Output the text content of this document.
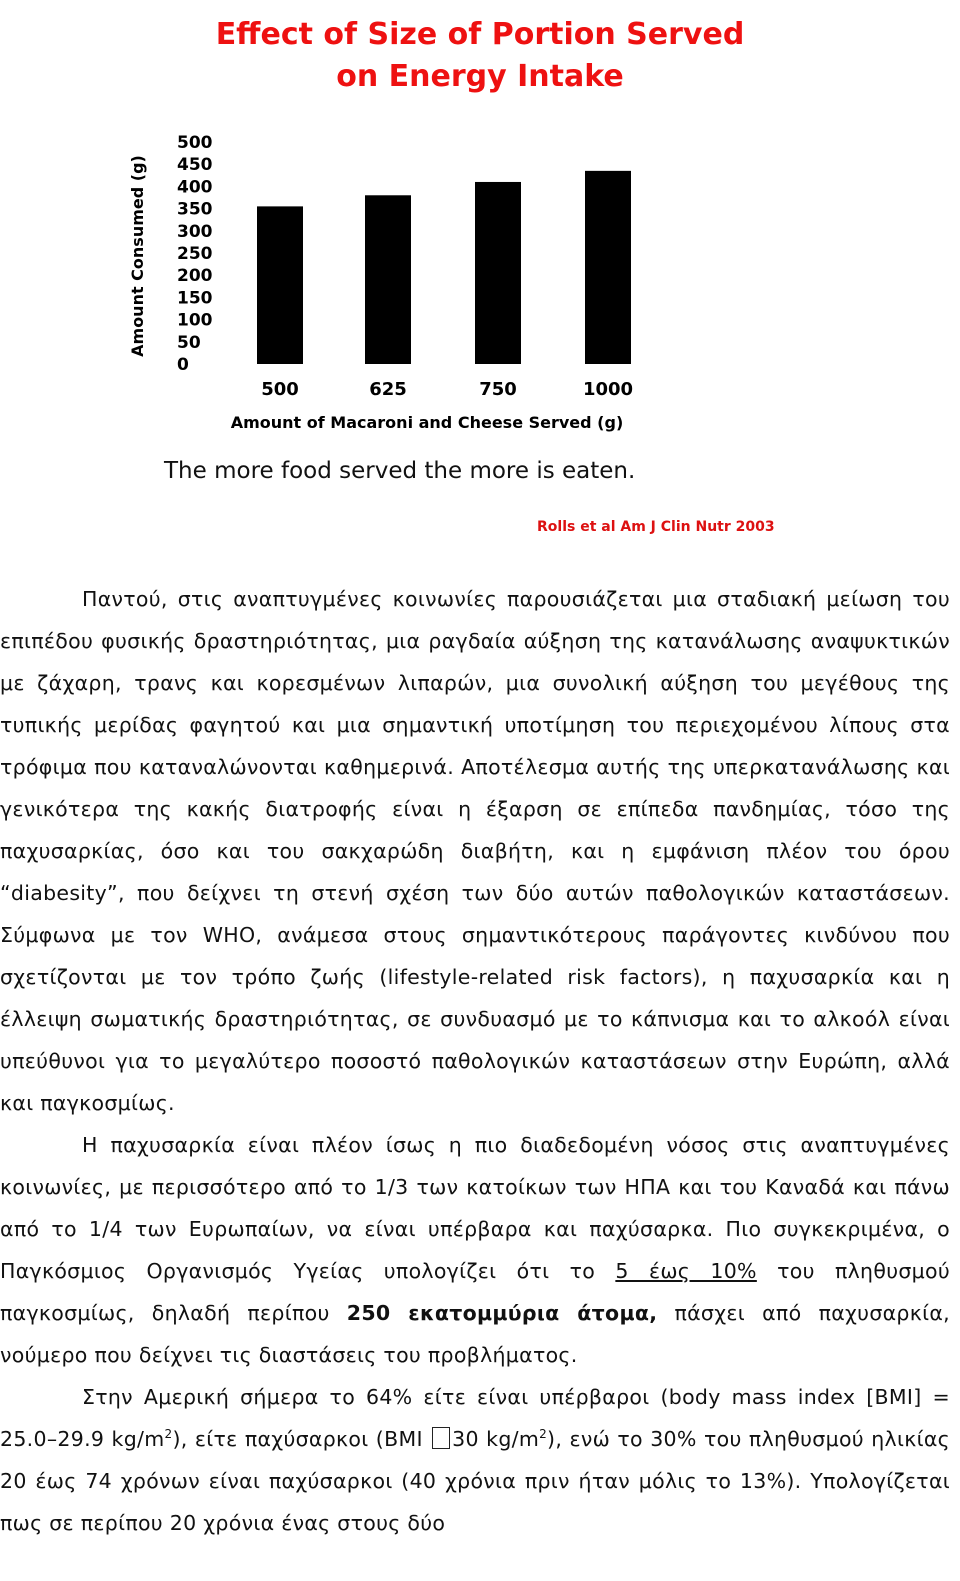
Effect of Size of Portion Served
on Energy Intake
Amount Consumed (g)
0
50
100
150
200
250
300
350
400
450
500
500	625	750	1000
Amount of Macaroni and Cheese Served (g)
The more food served the more is eaten.
Rolls et al Am J Clin Nutr 2003

Παντού, στις αναπτυγμένες κοινωνίες παρουσιάζεται μια σταδιακή μείωση του επιπέδου φυσικής δραστηριότητας, μια ραγδαία αύξηση της κατανάλωσης αναψυκτικών με ζάχαρη, τρανς και κορεσμένων λιπαρών, μια συνολική αύξηση του μεγέθους της τυπικής μερίδας φαγητού και μια σημαντική υποτίμηση του περιεχομένου λίπους στα τρόφιμα που καταναλώνονται καθημερινά. Αποτέλεσμα αυτής της υπερκατανάλωσης και γενικότερα της κακής διατροφής είναι η έξαρση σε επίπεδα πανδημίας, τόσο της παχυσαρκίας, όσο και του σακχαρώδη διαβήτη, και η εμφάνιση πλέον του όρου “diabesity”, που δείχνει τη στενή σχέση των δύο αυτών παθολογικών καταστάσεων. Σύμφωνα με τον WHO, ανάμεσα στους σημαντικότερους παράγοντες κινδύνου που σχετίζονται με τον τρόπο ζωής (lifestyle-related risk factors), η παχυσαρκία και η έλλειψη σωματικής δραστηριότητας, σε συνδυασμό με το κάπνισμα και το αλκοόλ είναι υπεύθυνοι για το μεγαλύτερο ποσοστό παθολογικών καταστάσεων στην Ευρώπη, αλλά και παγκοσμίως.

Η παχυσαρκία είναι πλέον ίσως η πιο διαδεδομένη νόσος στις αναπτυγμένες κοινωνίες, με περισσότερο από το 1/3 των κατοίκων των ΗΠΑ και του Καναδά και πάνω από το 1/4 των Ευρωπαίων, να είναι υπέρβαρα και παχύσαρκα. Πιο συγκεκριμένα, ο Παγκόσμιος Οργανισμός Υγείας υπολογίζει ότι το 5 έως 10% του πληθυσμού παγκοσμίως, δηλαδή περίπου 250 εκατομμύρια άτομα, πάσχει από παχυσαρκία, νούμερο που δείχνει τις διαστάσεις του προβλήματος.

Στην Αμερική σήμερα το 64% είτε είναι υπέρβαροι (body mass index [BMI] = 25.0–29.9 $kg/m^2$), είτε παχύσαρκοι (BMI 30 $kg/m^2$), ενώ το 30% του πληθυσμού ηλικίας 20 έως 74 χρόνων είναι παχύσαρκοι (40 χρόνια πριν ήταν μόλις το 13%). Υπολογίζεται πως σε περίπου 20 χρόνια ένας στους δύο
